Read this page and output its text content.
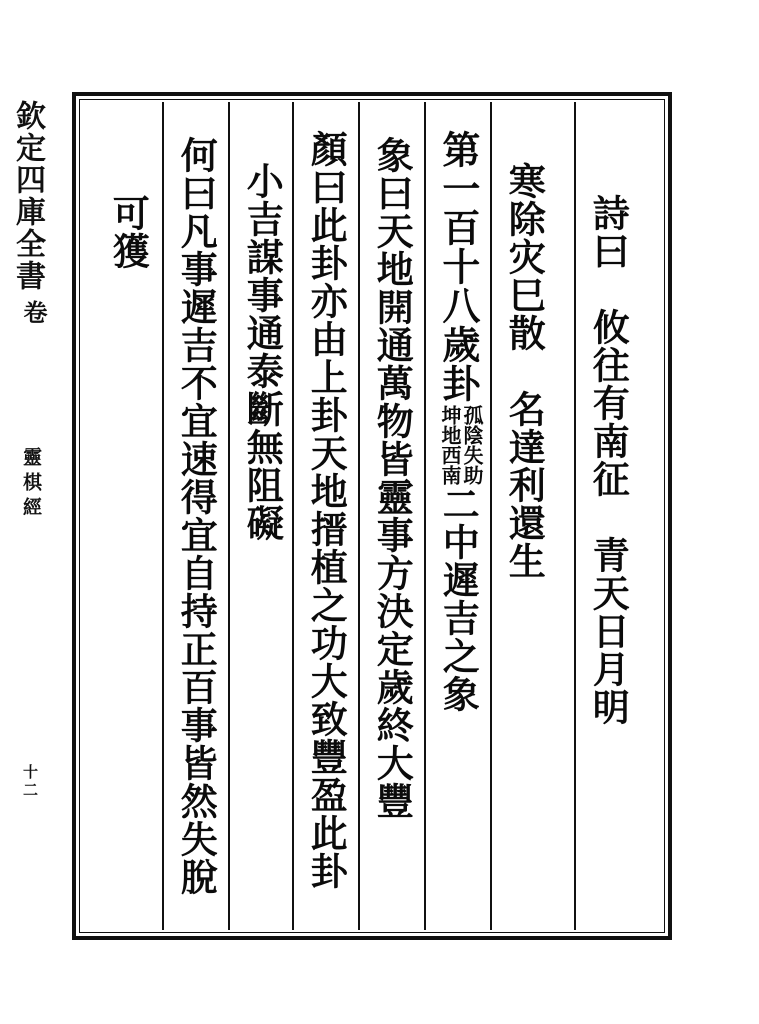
欽定四庫全書
卷
靈棋經
十二
詩曰　攸往有南征　青天日月明
寒除灾巳散　名達利還生
第一百十八歲卦
孤陰失助
坤地西南
二中遲吉之象
象曰天地開通萬物皆靈事方決定歲終大豐
顏曰此卦亦由上卦天地搢植之功大致豐盈此卦
小吉謀事通泰斷無阻礙
何曰凡事遲吉不宜速得宜自持正百事皆然失脫
可獲
